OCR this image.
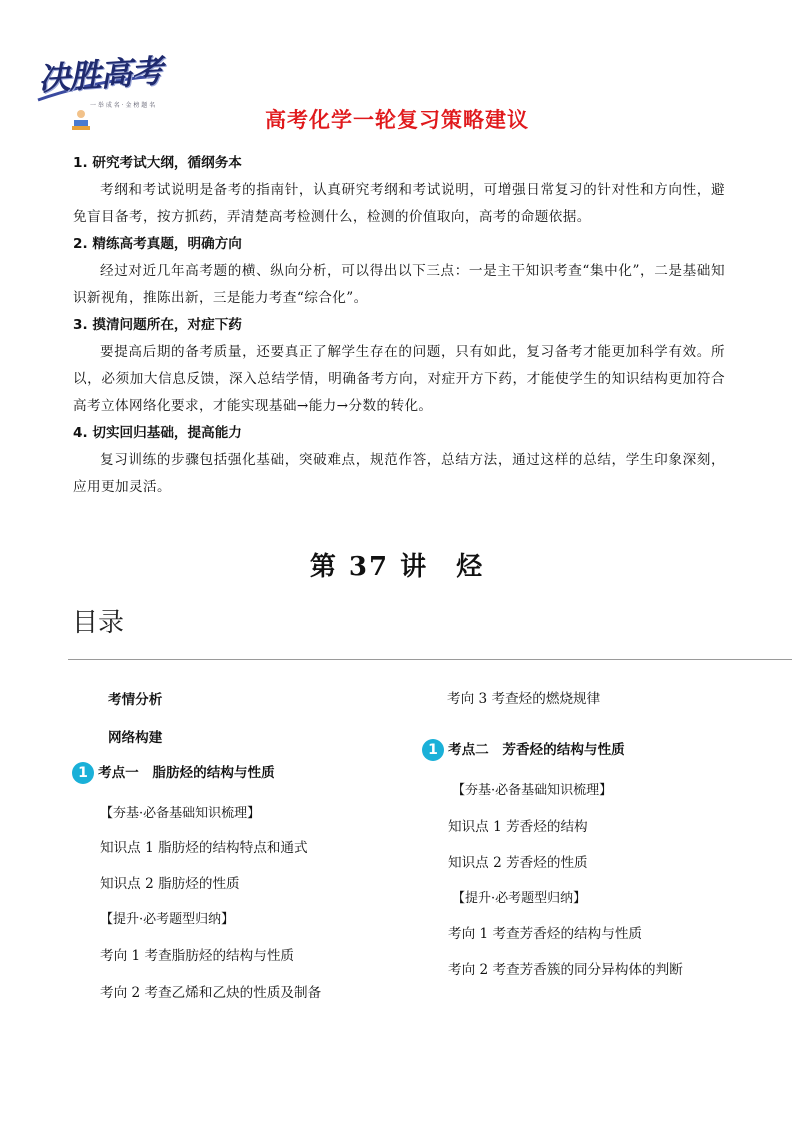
决胜高考
一 举 成 名 · 金 榜 题 名
高考化学一轮复习策略建议
1. 研究考试大纲，循纲务本

考纲和考试说明是备考的指南针，认真研究考纲和考试说明，可增强日常复习的针对性和方向性，避免盲目备考，按方抓药，弄清楚高考检测什么，检测的价值取向，高考的命题依据。

2. 精练高考真题，明确方向

经过对近几年高考题的横、纵向分析，可以得出以下三点：一是主干知识考查“集中化”，二是基础知识新视角，推陈出新，三是能力考查“综合化”。

3. 摸清问题所在，对症下药

要提高后期的备考质量，还要真正了解学生存在的问题，只有如此，复习备考才能更加科学有效。所以，必须加大信息反馈，深入总结学情，明确备考方向，对症开方下药，才能使学生的知识结构更加符合高考立体网络化要求，才能实现基础→能力→分数的转化。

4. 切实回归基础，提高能力

复习训练的步骤包括强化基础，突破难点，规范作答，总结方法，通过这样的总结，学生印象深刻，应用更加灵活。

第 37 讲　烃
目录
考情分析
网络构建
1 考点一　脂肪烃的结构与性质
【夯基·必备基础知识梳理】
知识点 1 脂肪烃的结构特点和通式
知识点 2 脂肪烃的性质
【提升·必考题型归纳】
考向 1 考查脂肪烃的结构与性质
考向 2 考查乙烯和乙炔的性质及制备
考向 3 考查烃的燃烧规律
1 考点二　芳香烃的结构与性质
【夯基·必备基础知识梳理】
知识点 1 芳香烃的结构
知识点 2 芳香烃的性质
【提升·必考题型归纳】
考向 1 考查芳香烃的结构与性质
考向 2 考查芳香簇的同分异构体的判断
